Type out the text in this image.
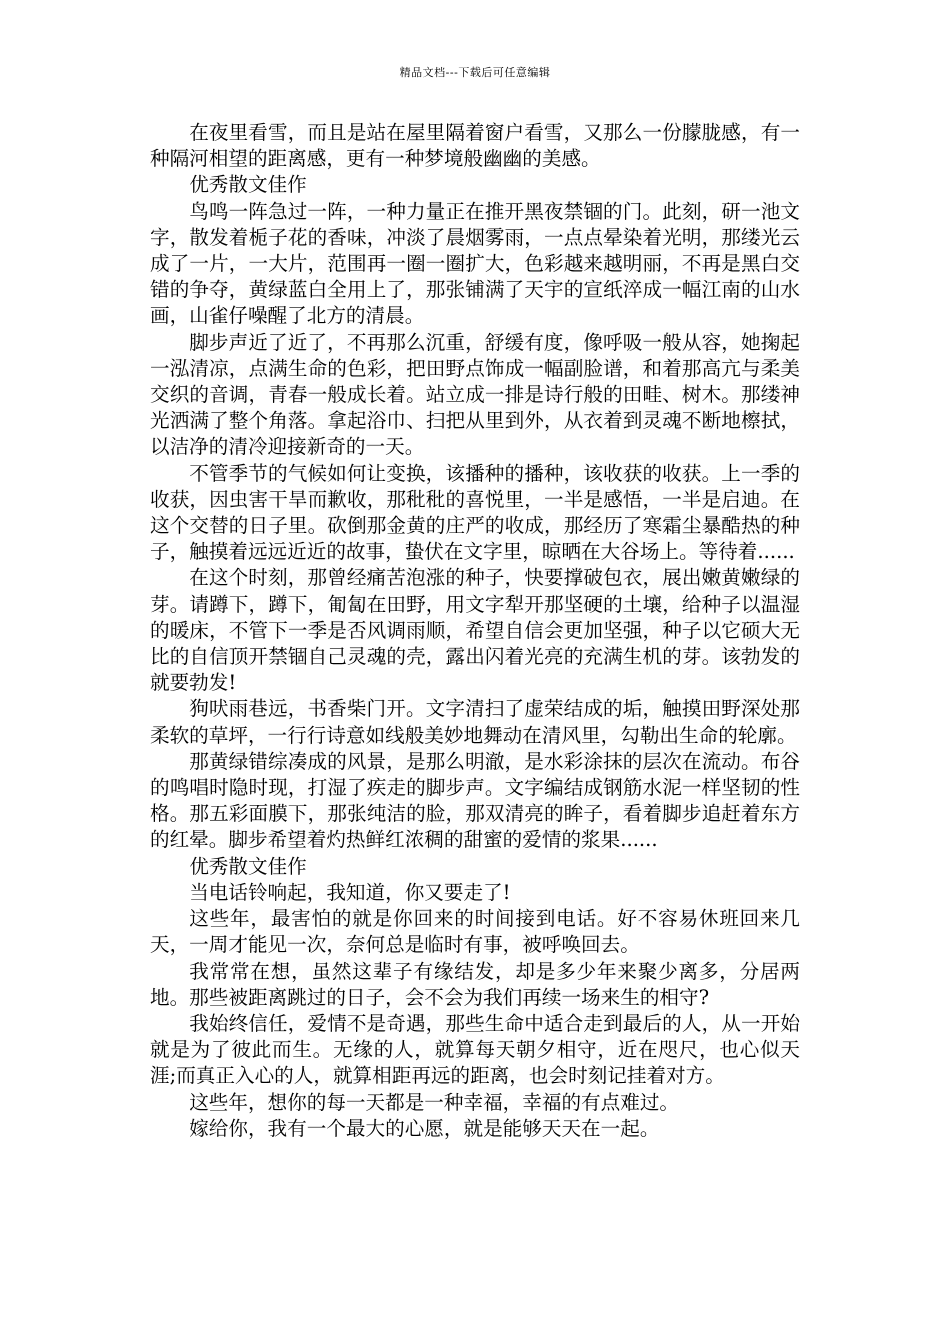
精品文档---下载后可任意编辑

在夜里看雪，而且是站在屋里隔着窗户看雪，又那么一份朦胧感，有一种隔河相望的距离感，更有一种梦境般幽幽的美感。

优秀散文佳作

鸟鸣一阵急过一阵，一种力量正在推开黑夜禁锢的门。此刻，研一池文字，散发着栀子花的香味，冲淡了晨烟雾雨，一点点晕染着光明，那缕光云成了一片，一大片，范围再一圈一圈扩大，色彩越来越明丽，不再是黑白交错的争夺，黄绿蓝白全用上了，那张铺满了天宇的宣纸淬成一幅江南的山水画，山雀仔噪醒了北方的清晨。

脚步声近了近了，不再那么沉重，舒缓有度，像呼吸一般从容，她掬起一泓清凉，点满生命的色彩，把田野点饰成一幅副脸谱，和着那高亢与柔美交织的音调，青春一般成长着。站立成一排是诗行般的田畦、树木。那缕神光洒满了整个角落。拿起浴巾、扫把从里到外，从衣着到灵魂不断地檫拭，以洁净的清冷迎接新奇的一天。

不管季节的气候如何让变换，该播种的播种，该收获的收获。上一季的收获，因虫害干旱而歉收，那秕秕的喜悦里，一半是感悟，一半是启迪。在这个交替的日子里。砍倒那金黄的庄严的收成，那经历了寒霜尘暴酷热的种子，触摸着远远近近的故事，蛰伏在文字里，晾晒在大谷场上。等待着......

在这个时刻，那曾经痛苦泡涨的种子，快要撑破包衣，展出嫩黄嫩绿的芽。请蹲下，蹲下，匍匐在田野，用文字犁开那坚硬的土壤，给种子以温湿的暖床，不管下一季是否风调雨顺，希望自信会更加坚强，种子以它硕大无比的自信顶开禁锢自己灵魂的壳，露出闪着光亮的充满生机的芽。该勃发的就要勃发!

狗吠雨巷远，书香柴门开。文字清扫了虚荣结成的垢，触摸田野深处那柔软的草坪，一行行诗意如线般美妙地舞动在清风里，勾勒出生命的轮廓。

那黄绿错综凑成的风景，是那么明澈，是水彩涂抹的层次在流动。布谷的鸣唱时隐时现，打湿了疾走的脚步声。文字编结成钢筋水泥一样坚韧的性格。那五彩面膜下，那张纯洁的脸，那双清亮的眸子，看着脚步追赶着东方的红晕。脚步希望着灼热鲜红浓稠的甜蜜的爱情的浆果......

优秀散文佳作

当电话铃响起，我知道，你又要走了!

这些年，最害怕的就是你回来的时间接到电话。好不容易休班回来几天，一周才能见一次，奈何总是临时有事，被呼唤回去。

我常常在想，虽然这辈子有缘结发，却是多少年来聚少离多，分居两地。那些被距离跳过的日子，会不会为我们再续一场来生的相守?

我始终信任，爱情不是奇遇，那些生命中适合走到最后的人，从一开始就是为了彼此而生。无缘的人，就算每天朝夕相守，近在咫尺，也心似天涯;而真正入心的人，就算相距再远的距离，也会时刻记挂着对方。

这些年，想你的每一天都是一种幸福，幸福的有点难过。

嫁给你，我有一个最大的心愿，就是能够天天在一起。
